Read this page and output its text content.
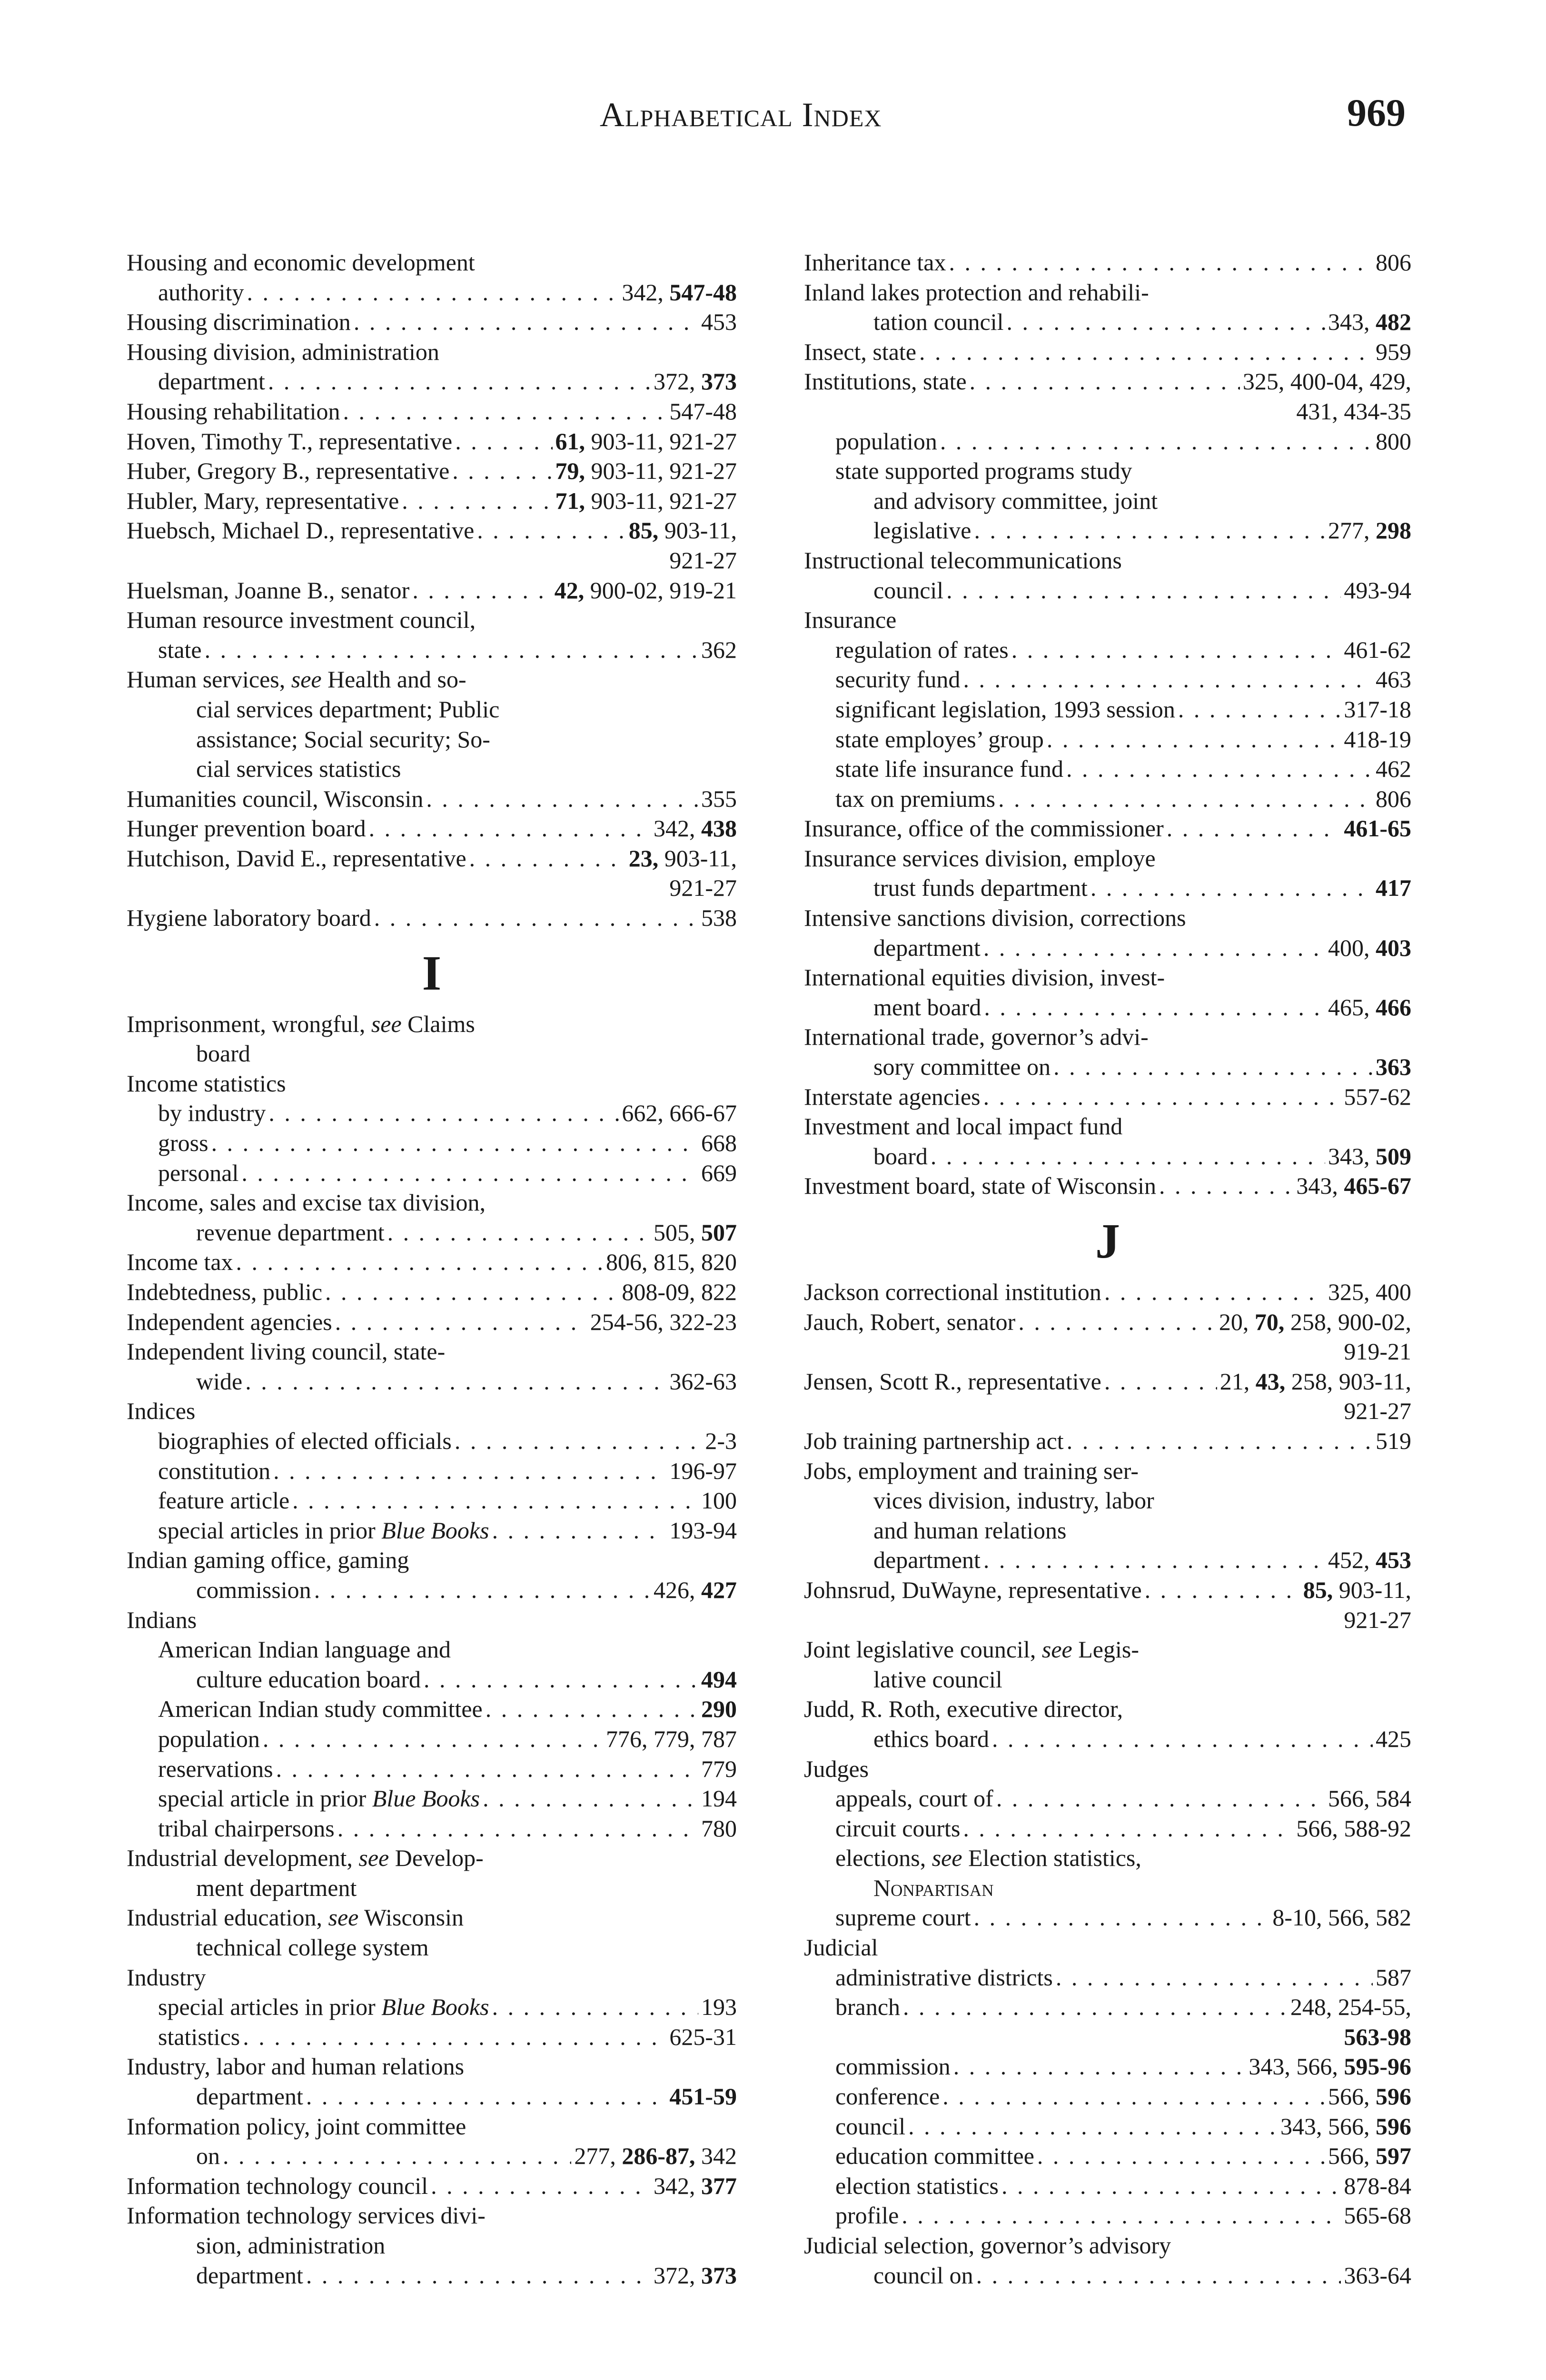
Alphabetical Index	969
Housing and economic development
authority . . .	342, 547-48
Housing discrimination . . .	453
Housing division, administration
department . . .	372, 373
Housing rehabilitation . . .	547-48
Hoven, Timothy T., representative . . .	61, 903-11, 921-27
Huber, Gregory B., representative . . .	79, 903-11, 921-27
Hubler, Mary, representative . . .	71, 903-11, 921-27
Huebsch, Michael D., representative . . .	85, 903-11,
921-27
Huelsman, Joanne B., senator . . .	42, 900-02, 919-21
Human resource investment council,
state . . .	362
Human services, see Health and so-
cial services department; Public
assistance; Social security; So-
cial services statistics
Humanities council, Wisconsin . . .	355
Hunger prevention board . . .	342, 438
Hutchison, David E., representative . . .	23, 903-11,
921-27
Hygiene laboratory board . . .	538
I
Imprisonment, wrongful, see Claims
board
Income statistics
by industry . . .	662, 666-67
gross . . .	668
personal . . .	669
Income, sales and excise tax division,
revenue department . . .	505, 507
Income tax . . .	806, 815, 820
Indebtedness, public . . .	808-09, 822
Independent agencies . . .	254-56, 322-23
Independent living council, state-
wide . . .	362-63
Indices
biographies of elected officials . . .	2-3
constitution . . .	196-97
feature article . . .	100
special articles in prior Blue Books . . .	193-94
Indian gaming office, gaming
commission . . .	426, 427
Indians
American Indian language and
culture education board . . .	494
American Indian study committee . . .	290
population . . .	776, 779, 787
reservations . . .	779
special article in prior Blue Books . . .	194
tribal chairpersons . . .	780
Industrial development, see Develop-
ment department
Industrial education, see Wisconsin
technical college system
Industry
special articles in prior Blue Books . . .	193
statistics . . .	625-31
Industry, labor and human relations
department . . .	451-59
Information policy, joint committee
on . . .	277, 286-87, 342
Information technology council . . .	342, 377
Information technology services divi-
sion, administration
department . . .	372, 373
Inheritance tax . . .	806
Inland lakes protection and rehabili-
tation council . . .	343, 482
Insect, state . . .	959
Institutions, state . . .	325, 400-04, 429,
431, 434-35
population . . .	800
state supported programs study
and advisory committee, joint
legislative . . .	277, 298
Instructional telecommunications
council . . .	493-94
Insurance
regulation of rates . . .	461-62
security fund . . .	463
significant legislation, 1993 session . . .	317-18
state employes’ group . . .	418-19
state life insurance fund . . .	462
tax on premiums . . .	806
Insurance, office of the commissioner . . .	461-65
Insurance services division, employe
trust funds department . . .	417
Intensive sanctions division, corrections
department . . .	400, 403
International equities division, invest-
ment board . . .	465, 466
International trade, governor’s advi-
sory committee on . . .	363
Interstate agencies . . .	557-62
Investment and local impact fund
board . . .	343, 509
Investment board, state of Wisconsin . . .	343, 465-67
J
Jackson correctional institution . . .	325, 400
Jauch, Robert, senator . . .	20, 70, 258, 900-02,
919-21
Jensen, Scott R., representative . . .	21, 43, 258, 903-11,
921-27
Job training partnership act . . .	519
Jobs, employment and training ser-
vices division, industry, labor
and human relations
department . . .	452, 453
Johnsrud, DuWayne, representative . . .	85, 903-11,
921-27
Joint legislative council, see Legis-
lative council
Judd, R. Roth, executive director,
ethics board . . .	425
Judges
appeals, court of . . .	566, 584
circuit courts . . .	566, 588-92
elections, see Election statistics,
Nonpartisan
supreme court . . .	8-10, 566, 582
Judicial
administrative districts . . .	587
branch . . .	248, 254-55,
563-98
commission . . .	343, 566, 595-96
conference . . .	566, 596
council . . .	343, 566, 596
education committee . . .	566, 597
election statistics . . .	878-84
profile . . .	565-68
Judicial selection, governor’s advisory
council on . . .	363-64
